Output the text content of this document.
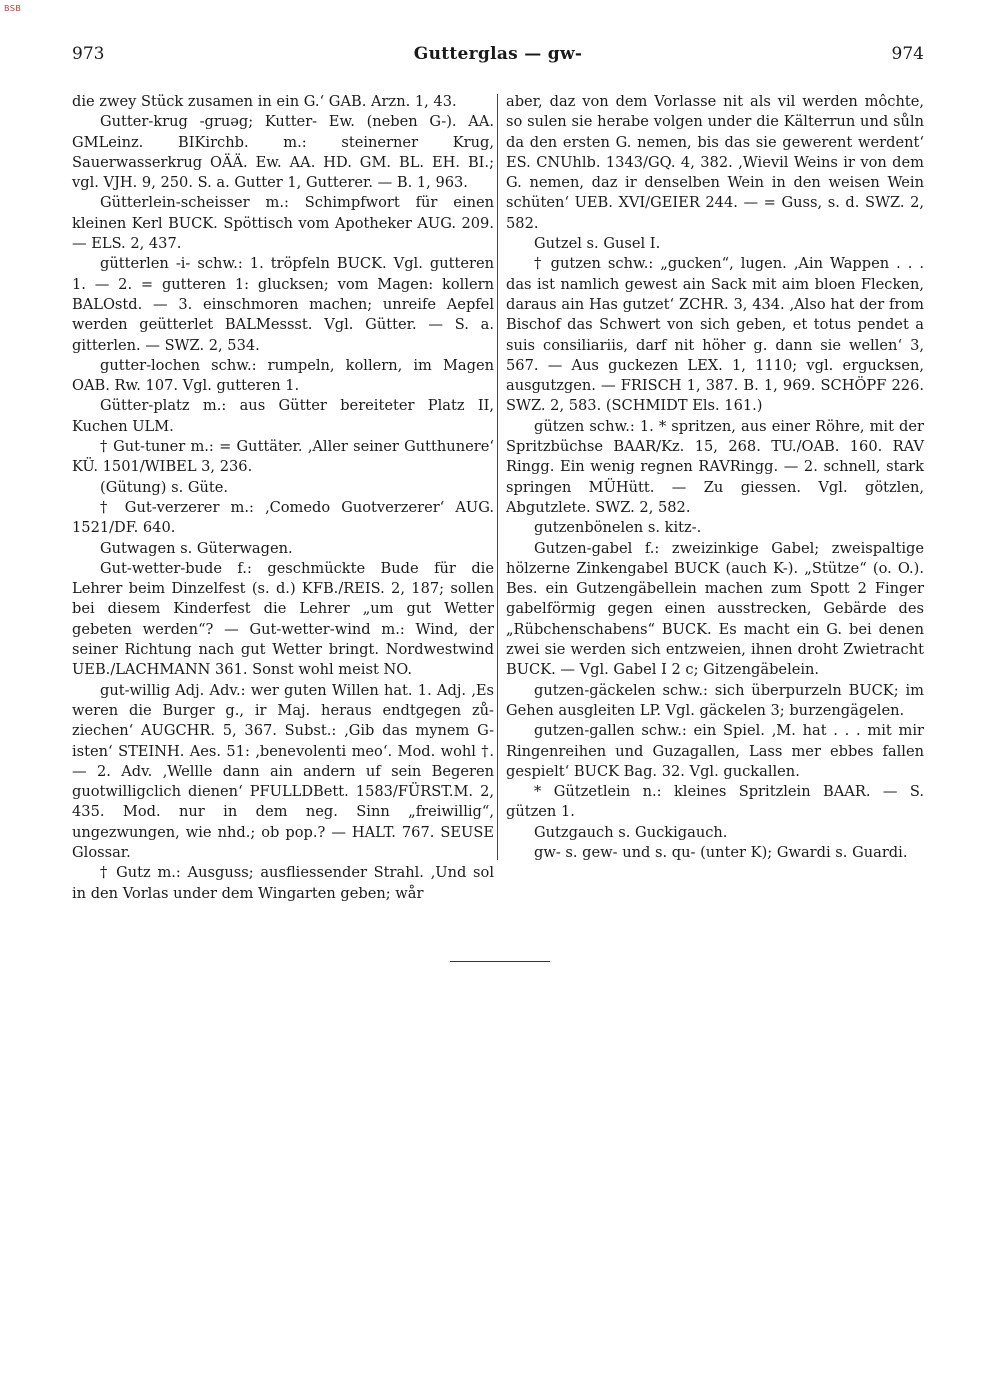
BSB
973	Gutterglas — gw-	974

die zwey Stück zusamen in ein G.‘ GAB. Arzn. 1, 43.

Gutter-krug -gruəg; Kutter- Ew. (neben G-). AA. GMLeinz. BIKirchb. m.: steinerner Krug, Sauerwasserkrug OÄÄ. Ew. AA. HD. GM. BL. EH. BI.; vgl. VJH. 9, 250. S. a. Gutter 1, Gutterer. — B. 1, 963.

Gütterlein-scheisser m.: Schimpfwort für einen kleinen Kerl BUCK. Spöttisch vom Apotheker AUG. 209. — ELS. 2, 437.

gütterlen -i- schw.: 1. tröpfeln BUCK. Vgl. gutteren 1. — 2. = gutteren 1: glucksen; vom Magen: kollern BALOstd. — 3. einschmoren machen; unreife Aepfel werden geütterlet BALMessst. Vgl. Gütter. — S. a. gitterlen. — SWZ. 2, 534.

gutter-lochen schw.: rumpeln, kollern, im Magen OAB. Rw. 107. Vgl. gutteren 1.

Gütter-platz m.: aus Gütter bereiteter Platz II, Kuchen ULM.

† Gut-tuner m.: = Guttäter. ‚Aller seiner Gutthunere‘ KÜ. 1501/WIBEL 3, 236.

(Gütung) s. Güte.

† Gut-verzerer m.: ‚Comedo Guotverzerer‘ AUG. 1521/DF. 640.

Gutwagen s. Güterwagen.

Gut-wetter-bude f.: geschmückte Bude für die Lehrer beim Dinzelfest (s. d.) KFB./REIS. 2, 187; sollen bei diesem Kinderfest die Lehrer „um gut Wetter gebeten werden“? — Gut-wetter-wind m.: Wind, der seiner Richtung nach gut Wetter bringt. Nordwestwind UEB./LACHMANN 361. Sonst wohl meist NO.

gut-willig Adj. Adv.: wer guten Willen hat. 1. Adj. ‚Es weren die Burger g., ir Maj. heraus endtgegen zů-ziechen‘ AUGCHR. 5, 367. Subst.: ‚Gib das mynem G-isten‘ STEINH. Aes. 51: ‚benevolenti meo‘. Mod. wohl †. — 2. Adv. ‚Wellle dann ain andern uf sein Begeren guotwilligclich dienen‘ PFULLDBett. 1583/FÜRST.M. 2, 435. Mod. nur in dem neg. Sinn „freiwillig“, ungezwungen, wie nhd.; ob pop.? — HALT. 767. SEUSE Glossar.

† Gutz m.: Ausguss; ausfliessender Strahl. ‚Und sol in den Vorlas under dem Wingarten geben; wår

aber, daz von dem Vorlasse nit als vil werden môchte, so sulen sie herabe volgen under die Kälterrun und sůln da den ersten G. nemen, bis das sie gewerent werdent‘ ES. CNUhlb. 1343/GQ. 4, 382. ‚Wievil Weins ir von dem G. nemen, daz ir denselben Wein in den weisen Wein schüten‘ UEB. XVI/GEIER 244. — = Guss, s. d. SWZ. 2, 582.

Gutzel s. Gusel I.

† gutzen schw.: „gucken“, lugen. ‚Ain Wappen . . . das ist namlich gewest ain Sack mit aim bloen Flecken, daraus ain Has gutzet‘ ZCHR. 3, 434. ‚Also hat der from Bischof das Schwert von sich geben, et totus pendet a suis consiliariis, darf nit höher g. dann sie wellen‘ 3, 567. — Aus guckezen LEX. 1, 1110; vgl. ergucksen, ausgutzgen. — FRISCH 1, 387. B. 1, 969. SCHÖPF 226. SWZ. 2, 583. (SCHMIDT Els. 161.)

gützen schw.: 1. * spritzen, aus einer Röhre, mit der Spritzbüchse BAAR/Kz. 15, 268. TU./OAB. 160. RAV Ringg. Ein wenig regnen RAVRingg. — 2. schnell, stark springen MÜHütt. — Zu giessen. Vgl. götzlen, Abgutzlete. SWZ. 2, 582.

gutzenbönelen s. kitz-.

Gutzen-gabel f.: zweizinkige Gabel; zweispaltige hölzerne Zinkengabel BUCK (auch K-). „Stütze“ (o. O.). Bes. ein Gutzengäbellein machen zum Spott 2 Finger gabelförmig gegen einen ausstrecken, Gebärde des „Rübchenschabens“ BUCK. Es macht ein G. bei denen zwei sie werden sich entzweien, ihnen droht Zwietracht BUCK. — Vgl. Gabel I 2 c; Gitzengäbelein.

gutzen-gäckelen schw.: sich überpurzeln BUCK; im Gehen ausgleiten LP. Vgl. gäckelen 3; burzengägelen.

gutzen-gallen schw.: ein Spiel. ‚M. hat . . . mit mir Ringenreihen und Guzagallen, Lass mer ebbes fallen gespielt‘ BUCK Bag. 32. Vgl. guckallen.

* Gützetlein n.: kleines Spritzlein BAAR. — S. gützen 1.

Gutzgauch s. Guckigauch.

gw- s. gew- und s. qu- (unter K); Gwardi s. Guardi.
